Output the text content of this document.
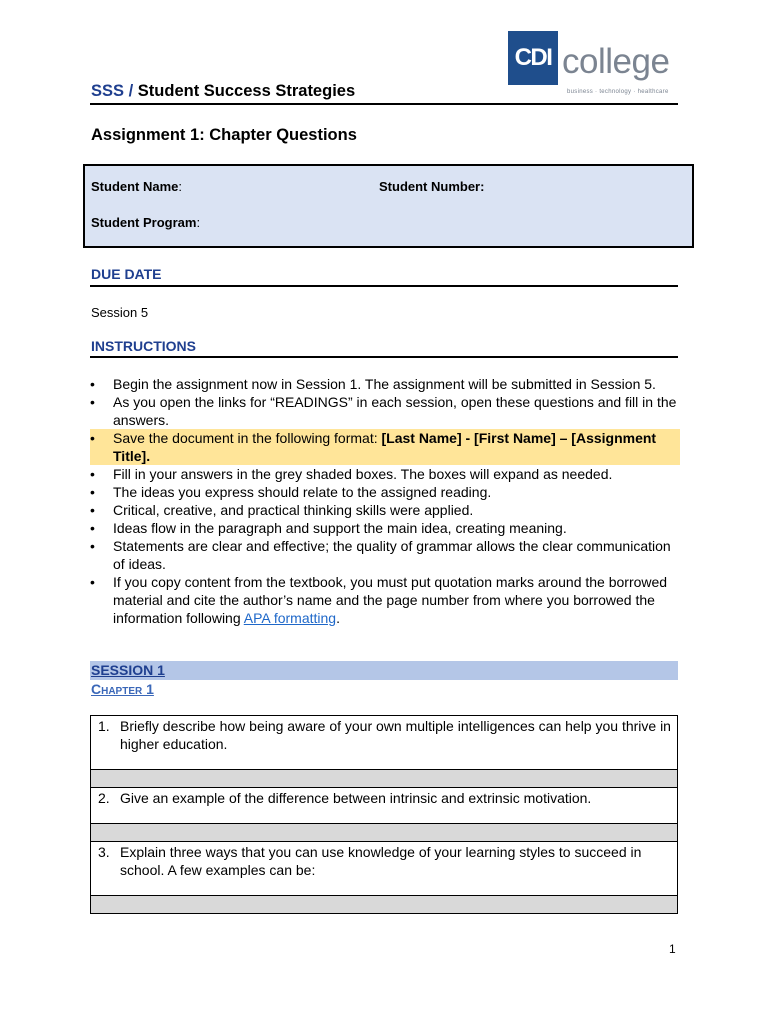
CDI college
business · technology · healthcare
SSS / Student Success Strategies
Assignment 1: Chapter Questions
Student Name:	Student Number:
Student Program:
DUE DATE
Session 5
INSTRUCTIONS
•	Begin the assignment now in Session 1. The assignment will be submitted in Session 5.
•	As you open the links for “READINGS” in each session, open these questions and fill in the answers.
•	Save the document in the following format: [Last Name] - [First Name] – [Assignment Title].
•	Fill in your answers in the grey shaded boxes. The boxes will expand as needed.
•	The ideas you express should relate to the assigned reading.
•	Critical, creative, and practical thinking skills were applied.
•	Ideas flow in the paragraph and support the main idea, creating meaning.
•	Statements are clear and effective; the quality of grammar allows the clear communication of ideas.
•	If you copy content from the textbook, you must put quotation marks around the borrowed material and cite the author’s name and the page number from where you borrowed the information following APA formatting.
SESSION 1
Chapter 1
1. Briefly describe how being aware of your own multiple intelligences can help you thrive in higher education.

2. Give an example of the difference between intrinsic and extrinsic motivation.

3. Explain three ways that you can use knowledge of your learning styles to succeed in school. A few examples can be:

1
